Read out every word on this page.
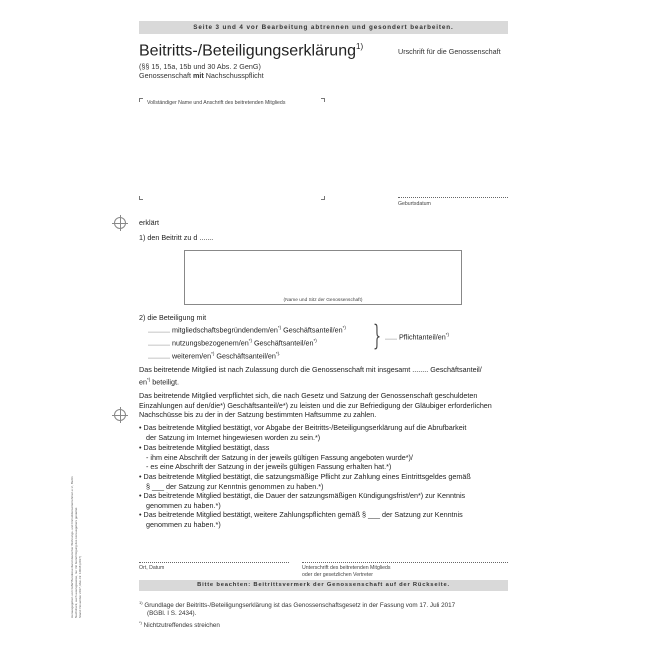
Herausgegeben vom GdW Bundesverband deutscher Wohnungs- und Immobilienunternehmen e.V., Berlin Nachdruck, auch auszugsweise, nur mit Genehmigung des Herausgebers gestattet. Stand: November 2017, Mat.-Nr. 10038 (2017)
Seite 3 und 4 vor Bearbeitung abtrennen und gesondert bearbeiten.
Beitritts-/Beteiligungserklärung$^{1)}$
Urschrift für die Genossenschaft
(§§ 15, 15a, 15b und 30 Abs. 2 GenG)
Genossenschaft mit Nachschusspflicht
Vollständiger Name und Anschrift des beitretenden Mitglieds
Geburtsdatum
erklärt
1) den Beitritt zu d .......
(Name und Sitz der Genossenschaft)
2) die Beteiligung mit
........... mitgliedschaftsbegründendem/en*) Geschäftsanteil/en*)
........... nutzungsbezogenem/en*) Geschäftsanteil/en*)
........... weiterem/en*) Geschäftsanteil/en*).
} ...... Pflichtanteil/en*)
Das beitretende Mitglied ist nach Zulassung durch die Genossenschaft mit insgesamt ........ Geschäftsanteil/
en*) beteiligt.
Das beitretende Mitglied verpflichtet sich, die nach Gesetz und Satzung der Genossenschaft geschuldeten
Einzahlungen auf den/die*) Geschäftsanteil/e*) zu leisten und die zur Befriedigung der Gläubiger erforderlichen
Nachschüsse bis zu der in der Satzung bestimmten Haftsumme zu zahlen.
• Das beitretende Mitglied bestätigt, vor Abgabe der Beitritts-/Beteiligungserklärung auf die Abrufbarkeit
der Satzung im Internet hingewiesen worden zu sein.*)
• Das beitretende Mitglied bestätigt, dass
- ihm eine Abschrift der Satzung in der jeweils gültigen Fassung angeboten wurde*)/
- es eine Abschrift der Satzung in der jeweils gültigen Fassung erhalten hat.*)
• Das beitretende Mitglied bestätigt, die satzungsmäßige Pflicht zur Zahlung eines Eintrittsgeldes gemäß
§ ___ der Satzung zur Kenntnis genommen zu haben.*)
• Das beitretende Mitglied bestätigt, die Dauer der satzungsmäßigen Kündigungsfrist/en*) zur Kenntnis
genommen zu haben.*)
• Das beitretende Mitglied bestätigt, weitere Zahlungspflichten gemäß § ___ der Satzung zur Kenntnis
genommen zu haben.*)
Ort, Datum	Unterschrift des beitretenden Mitglieds
oder der gesetzlichen Vertreter
Bitte beachten: Beitrittsvermerk der Genossenschaft auf der Rückseite.
$^{1)}$ Grundlage der Beitritts-/Beteiligungserklärung ist das Genossenschaftsgesetz in der Fassung vom 17. Juli 2017
(BGBl. I S. 2434).
*) Nichtzutreffendes streichen
